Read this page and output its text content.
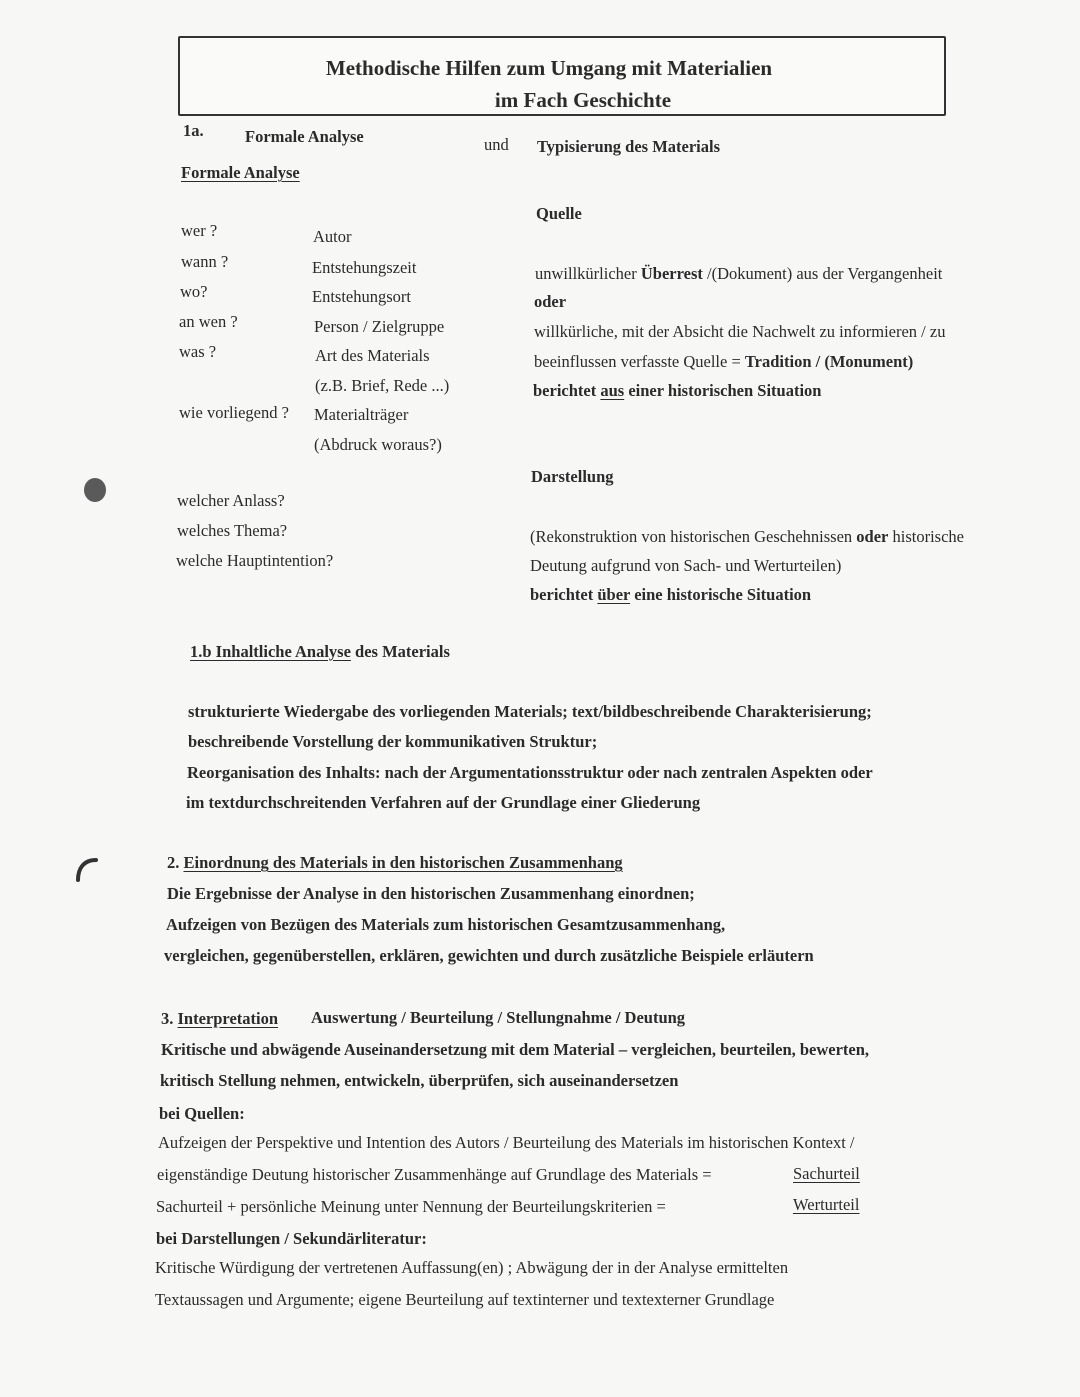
Methodische Hilfen zum Umgang mit Materialien
im Fach Geschichte
1a.	Formale Analyse	und Typisierung des Materials
Formale Analyse
wer ?	Autor
wann ?	Entstehungszeit
wo?	Entstehungsort
an wen ?	Person / Zielgruppe
was ?	Art des Materials
(z.B. Brief, Rede ...)
wie vorliegend ? Materialträger
(Abdruck woraus?)
welcher Anlass?
welches Thema?
welche Hauptintention?
Quelle
unwillkürlicher Überrest /(Dokument) aus der Vergangenheit
oder
willkürliche, mit der Absicht die Nachwelt zu informieren / zu
beeinflussen verfasste Quelle = Tradition / (Monument)
berichtet aus einer historischen Situation
Darstellung
(Rekonstruktion von historischen Geschehnissen oder historische
Deutung aufgrund von Sach- und Werturteilen)
berichtet über eine historische Situation
1.b Inhaltliche Analyse des Materials
strukturierte Wiedergabe des vorliegenden Materials; text/bildbeschreibende Charakterisierung;
beschreibende Vorstellung der kommunikativen Struktur;
Reorganisation des Inhalts: nach der Argumentationsstruktur oder nach zentralen Aspekten oder
im textdurchschreitenden Verfahren auf der Grundlage einer Gliederung
2. Einordnung des Materials in den historischen Zusammenhang
Die Ergebnisse der Analyse in den historischen Zusammenhang einordnen;
Aufzeigen von Bezügen des Materials zum historischen Gesamtzusammenhang,
vergleichen, gegenüberstellen, erklären, gewichten und durch zusätzliche Beispiele erläutern
3. Interpretation Auswertung / Beurteilung / Stellungnahme / Deutung
Kritische und abwägende Auseinandersetzung mit dem Material – vergleichen, beurteilen, bewerten,
kritisch Stellung nehmen, entwickeln, überprüfen, sich auseinandersetzen
bei Quellen:
Aufzeigen der Perspektive und Intention des Autors / Beurteilung des Materials im historischen Kontext /
eigenständige Deutung historischer Zusammenhänge auf Grundlage des Materials =	Sachurteil
Sachurteil + persönliche Meinung unter Nennung der Beurteilungskriterien =	Werturteil
bei Darstellungen / Sekundärliteratur:
Kritische Würdigung der vertretenen Auffassung(en) ; Abwägung der in der Analyse ermittelten
Textaussagen und Argumente; eigene Beurteilung auf textinterner und textexterner Grundlage
